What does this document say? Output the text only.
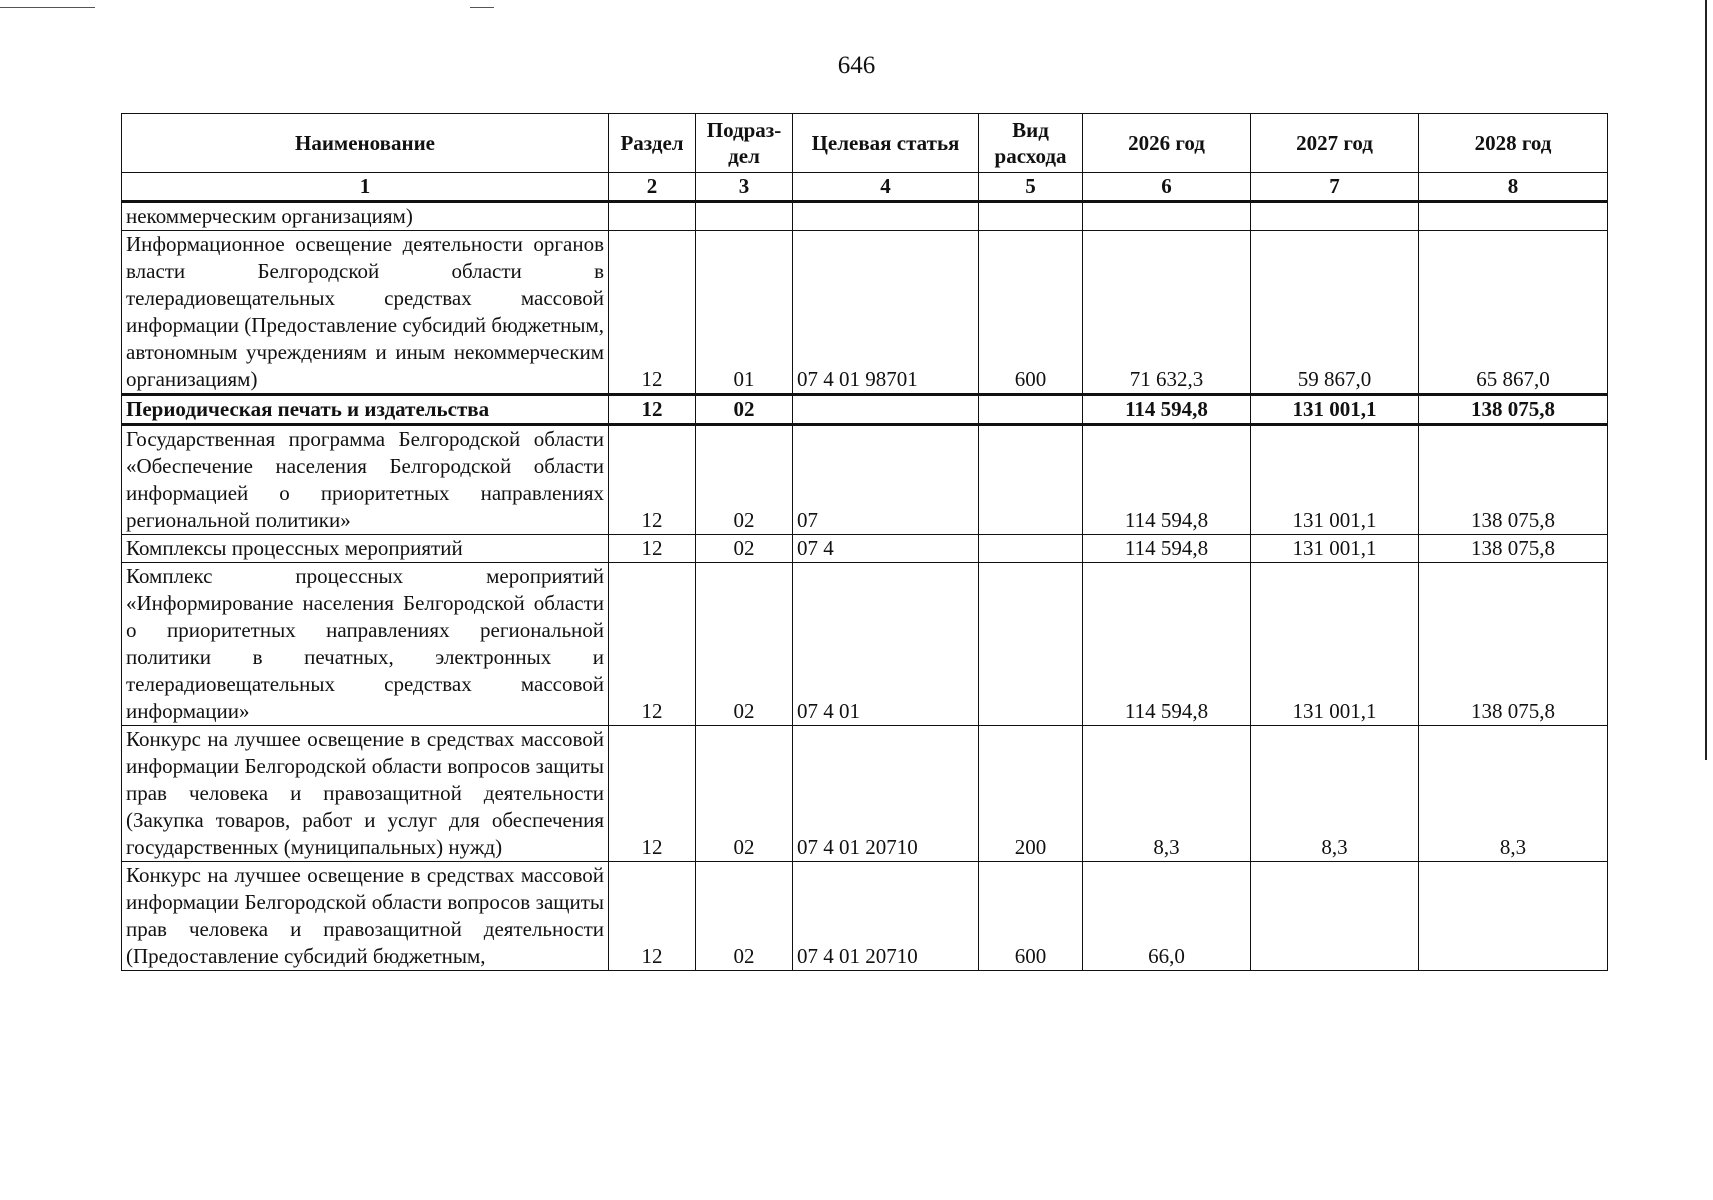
646
Наименование	Раздел	Подраз-дел	Целевая статья	Вид расхода	2026 год	2027 год	2028 год
1	2	3	4	5	6	7	8
некоммерческим организациям)							
Информационное освещение деятельности органов власти Белгородской области в телерадиовещательных средствах массовой информации (Предоставление субсидий бюджетным, автономным учреждениям и иным некоммерческим организациям)	12	01	07 4 01 98701	600	71 632,3	59 867,0	65 867,0
Периодическая печать и издательства	12	02			114 594,8	131 001,1	138 075,8
Государственная программа Белгородской области «Обеспечение населения Белгородской области информацией о приоритетных направлениях региональной политики»	12	02	07		114 594,8	131 001,1	138 075,8
Комплексы процессных мероприятий	12	02	07 4		114 594,8	131 001,1	138 075,8
Комплекс процессных мероприятий «Информирование населения Белгородской области о приоритетных направлениях региональной политики в печатных, электронных и телерадиовещательных средствах массовой информации»	12	02	07 4 01		114 594,8	131 001,1	138 075,8
Конкурс на лучшее освещение в средствах массовой информации Белгородской области вопросов защиты прав человека и правозащитной деятельности (Закупка товаров, работ и услуг для обеспечения государственных (муниципальных) нужд)	12	02	07 4 01 20710	200	8,3	8,3	8,3
Конкурс на лучшее освещение в средствах массовой информации Белгородской области вопросов защиты прав человека и правозащитной деятельности (Предоставление субсидий бюджетным,	12	02	07 4 01 20710	600	66,0		
